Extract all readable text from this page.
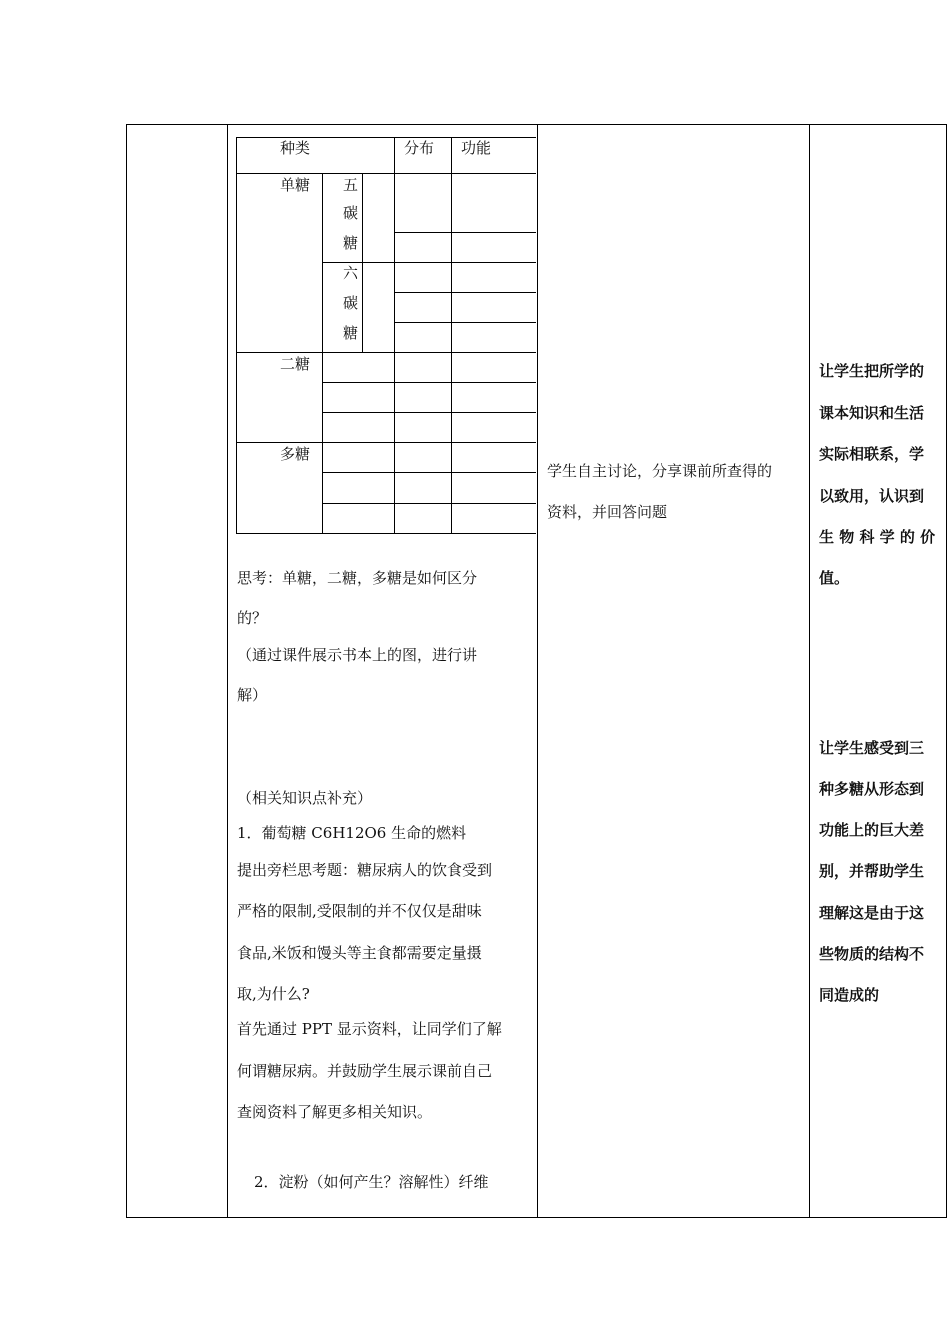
种类	分布 功能
单糖 五
碳
糖
六
碳
糖
二糖
多糖
思考：单糖，二糖，多糖是如何区分
的？
（通过课件展示书本上的图，进行讲
解）
（相关知识点补充）
1．葡萄糖 C6H12O6 生命的燃料
提出旁栏思考题：糖尿病人的饮食受到
严格的限制,受限制的并不仅仅是甜味
食品,米饭和馒头等主食都需要定量摄
取,为什么?
首先通过 PPT 显示资料，让同学们了解
何谓糖尿病。并鼓励学生展示课前自己
查阅资料了解更多相关知识。
2．淀粉（如何产生？溶解性）纤维
学生自主讨论，分享课前所查得的
资料，并回答问题
让学生把所学的
课本知识和生活
实际相联系，学
以致用，认识到
生 物 科 学 的 价
值。
让学生感受到三
种多糖从形态到
功能上的巨大差
别，并帮助学生
理解这是由于这
些物质的结构不
同造成的
